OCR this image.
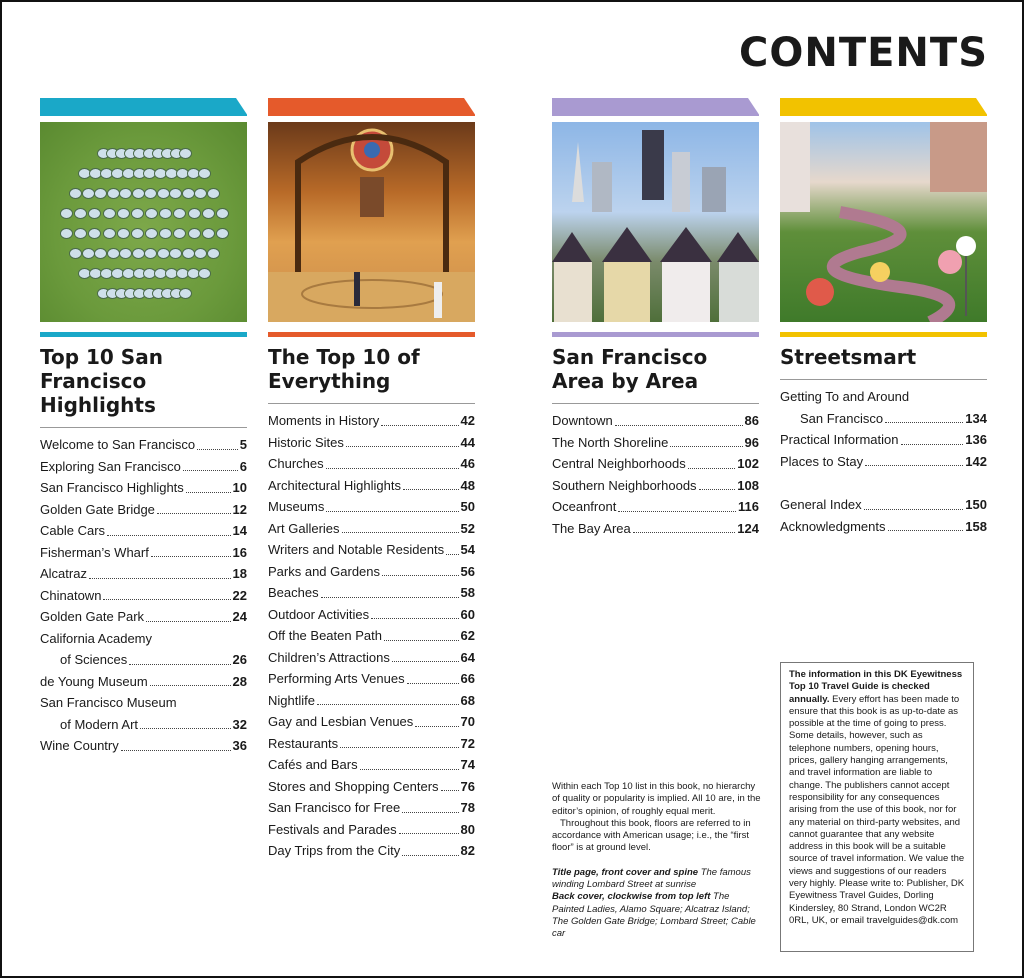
CONTENTS
Top 10 San
Francisco
Highlights
Welcome to San Francisco	5
Exploring San Francisco	6
San Francisco Highlights	10
Golden Gate Bridge	12
Cable Cars	14
Fisherman’s Wharf	16
Alcatraz	18
Chinatown	22
Golden Gate Park	24
California Academy
of Sciences	26
de Young Museum	28
San Francisco Museum
of Modern Art	32
Wine Country	36
The Top 10 of
Everything
Moments in History	42
Historic Sites	44
Churches	46
Architectural Highlights	48
Museums	50
Art Galleries	52
Writers and Notable Residents 54
Parks and Gardens	56
Beaches	58
Outdoor Activities	60
Off the Beaten Path	62
Children’s Attractions	64
Performing Arts Venues	66
Nightlife	68
Gay and Lesbian Venues	70
Restaurants	72
Cafés and Bars	74
Stores and Shopping Centers 76
San Francisco for Free	78
Festivals and Parades	80
Day Trips from the City	82
San Francisco
Area by Area
Downtown	86
The North Shoreline	96
Central Neighborhoods	102
Southern Neighborhoods	108
Oceanfront	116
The Bay Area	124
Streetsmart
Getting To and Around
San Francisco	134
Practical Information	136
Places to Stay	142
General Index	150
Acknowledgments	158

Within each Top 10 list in this book, no hierarchy of quality or popularity is implied. All 10 are, in the editor’s opinion, of roughly equal merit.

Throughout this book, floors are referred to in accordance with American usage; i.e., the “first floor” is at ground level.

Title page, front cover and spine The famous winding Lombard Street at sunrise

Back cover, clockwise from top left The Painted Ladies, Alamo Square; Alcatraz Island; The Golden Gate Bridge; Lombard Street; Cable car

The information in this DK Eyewitness Top 10 Travel Guide is checked annually. Every effort has been made to ensure that this book is as up-to-date as possible at the time of going to press. Some details, however, such as telephone numbers, opening hours, prices, gallery hanging arrangements, and travel information are liable to change. The publishers cannot accept responsibility for any consequences arising from the use of this book, nor for any material on third-party websites, and cannot guarantee that any website address in this book will be a suitable source of travel information. We value the views and suggestions of our readers very highly. Please write to: Publisher, DK Eyewitness Travel Guides, Dorling Kindersley, 80 Strand, London WC2R 0RL, UK, or email travelguides@dk.com
